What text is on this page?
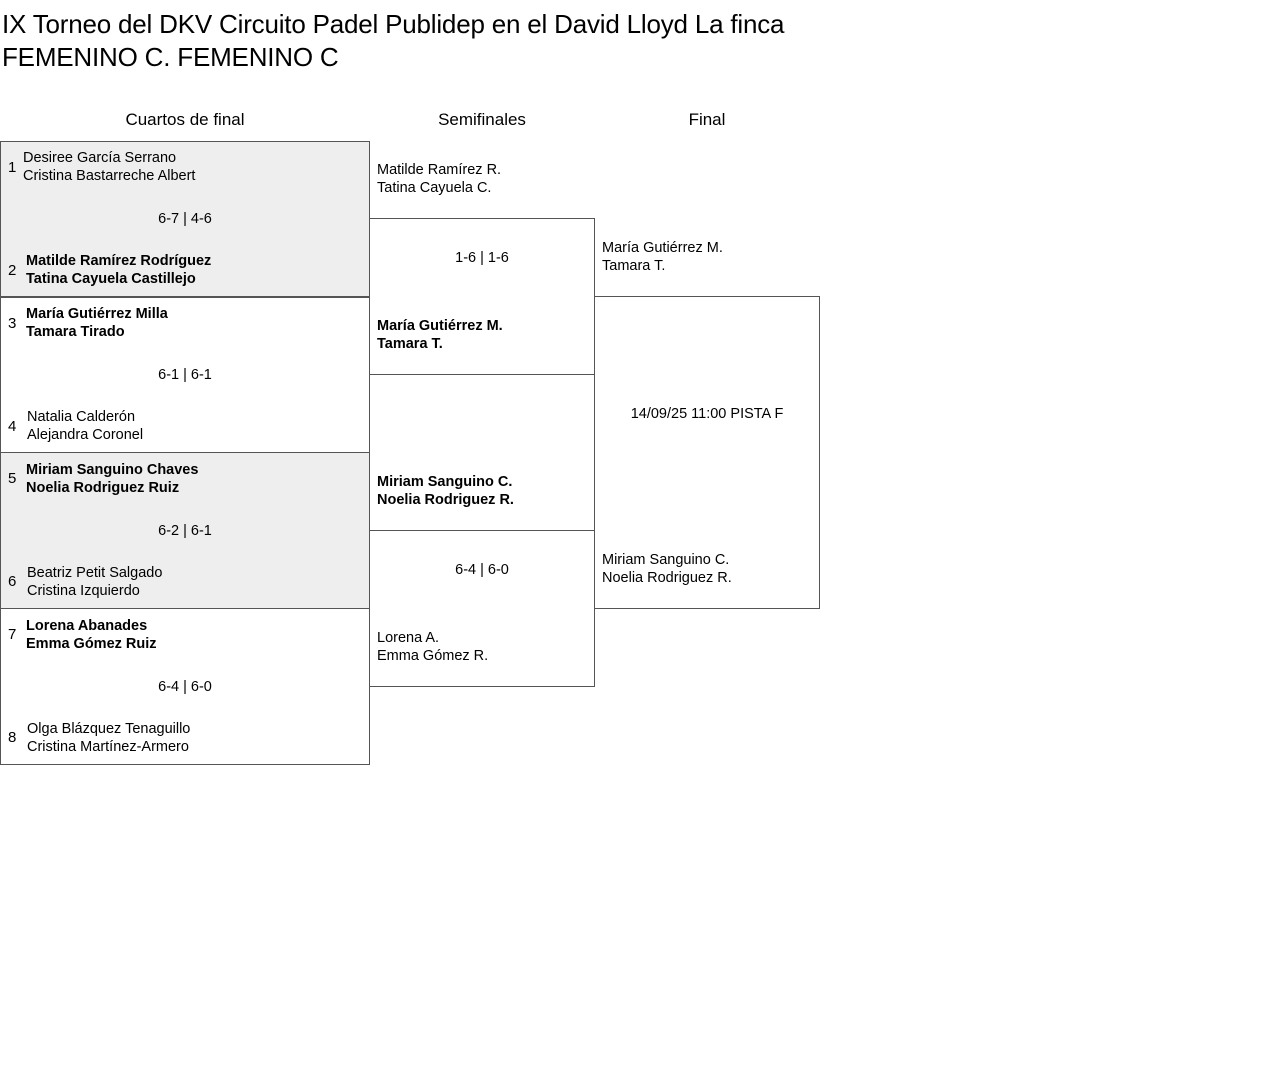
IX Torneo del DKV Circuito Padel Publidep en el David Lloyd La finca
FEMENINO C. FEMENINO C
Cuartos de final	Semifinales	Final
1
Desiree García Serrano
Cristina Bastarreche Albert
6-7 | 4-6
2
Matilde Ramírez Rodríguez
Tatina Cayuela Castillejo
3
María Gutiérrez Milla
Tamara Tirado
6-1 | 6-1
4
Natalia Calderón
Alejandra Coronel
5 Miriam Sanguino Chaves
Noelia Rodriguez Ruiz
6-2 | 6-1
6 Beatriz Petit Salgado
Cristina Izquierdo
7 Lorena Abanades
Emma Gómez Ruiz
6-4 | 6-0
8 Olga Blázquez Tenaguillo
Cristina Martínez-Armero
Matilde Ramírez R.
Tatina Cayuela C.
1-6 | 1-6
María Gutiérrez M.
Tamara T.
Miriam Sanguino C.
Noelia Rodriguez R.
6-4 | 6-0
Lorena A.
Emma Gómez R.
María Gutiérrez M.
Tamara T.
14/09/25 11:00 PISTA F
Miriam Sanguino C.
Noelia Rodriguez R.
